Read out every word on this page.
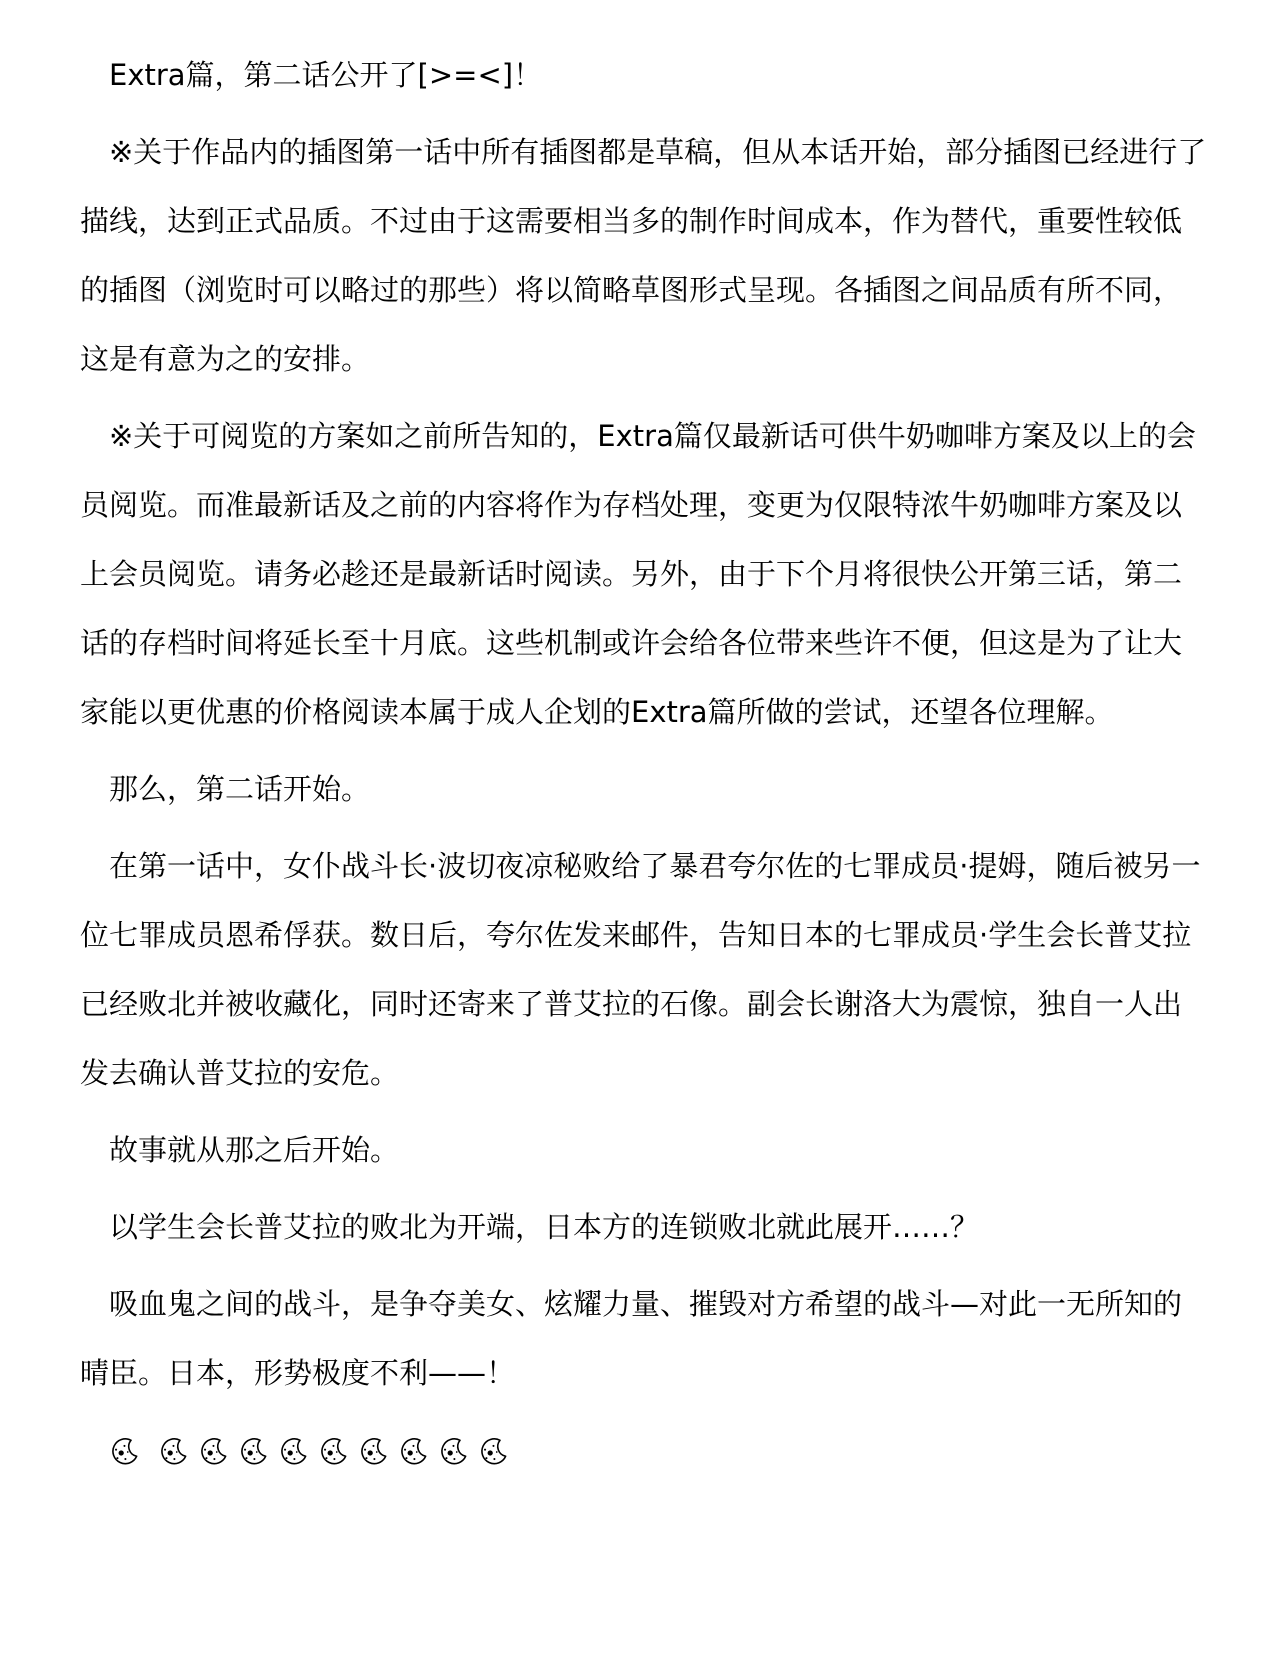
Extra篇，第二话公开了[>=<]！

※关于作品内的插图第一话中所有插图都是草稿，但从本话开始，部分插图已经进行了描线，达到正式品质。不过由于这需要相当多的制作时间成本，作为替代，重要性较低的插图（浏览时可以略过的那些）将以简略草图形式呈现。各插图之间品质有所不同，这是有意为之的安排。

※关于可阅览的方案如之前所告知的，Extra篇仅最新话可供牛奶咖啡方案及以上的会员阅览。而准最新话及之前的内容将作为存档处理，变更为仅限特浓牛奶咖啡方案及以上会员阅览。请务必趁还是最新话时阅读。另外，由于下个月将很快公开第三话，第二话的存档时间将延长至十月底。这些机制或许会给各位带来些许不便，但这是为了让大家能以更优惠的价格阅读本属于成人企划的Extra篇所做的尝试，还望各位理解。

那么，第二话开始。

在第一话中，女仆战斗长·波切夜凉秘败给了暴君夸尔佐的七罪成员·提姆，随后被另一位七罪成员恩希俘获。数日后，夸尔佐发来邮件，告知日本的七罪成员·学生会长普艾拉已经败北并被收藏化，同时还寄来了普艾拉的石像。副会长谢洛大为震惊，独自一人出发去确认普艾拉的安危。

故事就从那之后开始。

以学生会长普艾拉的败北为开端，日本方的连锁败北就此展开……？

吸血鬼之间的战斗，是争夺美女、炫耀力量、摧毁对方希望的战斗—对此一无所知的晴臣。日本，形势极度不利——！
